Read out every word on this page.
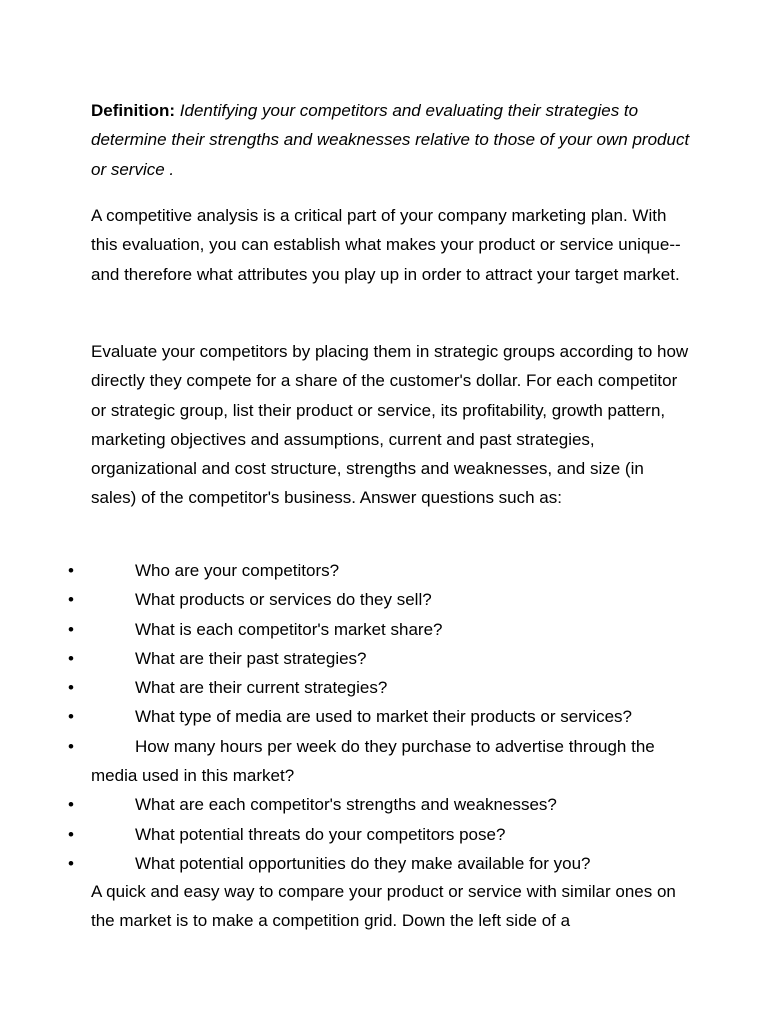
Definition: Identifying your competitors and evaluating their strategies to determine their strengths and weaknesses relative to those of your own product or service .

A competitive analysis is a critical part of your company marketing plan. With this evaluation, you can establish what makes your product or service unique--and therefore what attributes you play up in order to attract your target market.

Evaluate your competitors by placing them in strategic groups according to how directly they compete for a share of the customer's dollar. For each competitor or strategic group, list their product or service, its profitability, growth pattern, marketing objectives and assumptions, current and past strategies, organizational and cost structure, strengths and weaknesses, and size (in sales) of the competitor's business. Answer questions such as:

•	Who are your competitors?
•	What products or services do they sell?
•	What is each competitor's market share?
•	What are their past strategies?
•	What are their current strategies?
•	What type of media are used to market their products or services?
•	How many hours per week do they purchase to advertise through the media used in this market?
•	What are each competitor's strengths and weaknesses?
•	What potential threats do your competitors pose?
•	What potential opportunities do they make available for you?

A quick and easy way to compare your product or service with similar ones on the market is to make a competition grid. Down the left side of a
